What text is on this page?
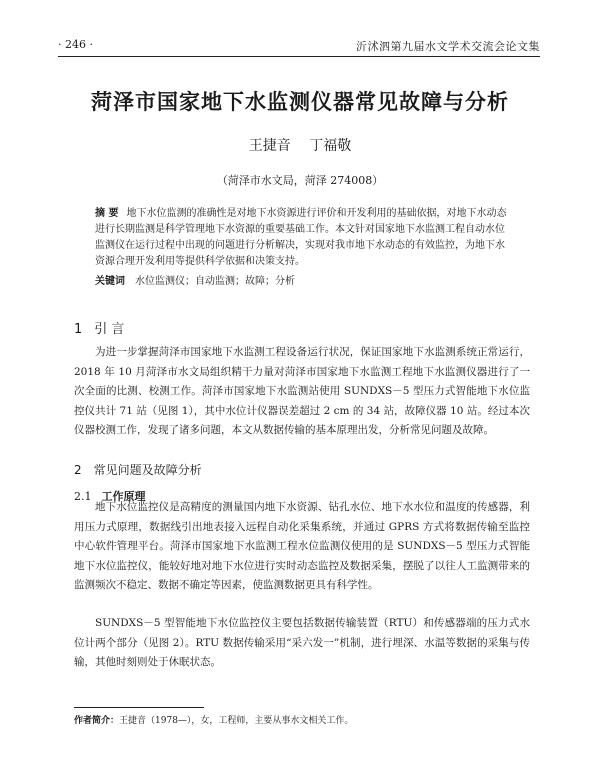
· 246 ·	沂沭泗第九届水文学术交流会论文集
菏泽市国家地下水监测仪器常见故障与分析
王捷音 丁福敬
（菏泽市水文局，菏泽 274008）
摘 要 地下水位监测的准确性是对地下水资源进行评价和开发利用的基础依据，对地下水动态进行长期监测是科学管理地下水资源的重要基础工作。本文针对国家地下水监测工程自动水位监测仪在运行过程中出现的问题进行分析解决，实现对我市地下水动态的有效监控，为地下水资源合理开发利用等提供科学依据和决策支持。
关键词 水位监测仪；自动监测；故障；分析
1 引 言
为进一步掌握菏泽市国家地下水监测工程设备运行状况，保证国家地下水监测系统正常运行，2018 年 10 月菏泽市水文局组织精干力量对菏泽市国家地下水监测工程地下水监测仪器进行了一次全面的比测、校测工作。菏泽市国家地下水监测站使用 SUNDXS－5 型压力式智能地下水位监控仪共计 71 站（见图 1），其中水位计仪器误差超过 2 cm 的 34 站，故障仪器 10 站。经过本次仪器校测工作，发现了诸多问题，本文从数据传输的基本原理出发，分析常见问题及故障。
2 常见问题及故障分析
2.1 工作原理
地下水位监控仪是高精度的测量国内地下水资源、钻孔水位、地下水水位和温度的传感器，利用压力式原理，数据线引出地表接入远程自动化采集系统，并通过 GPRS 方式将数据传输至监控中心软件管理平台。菏泽市国家地下水监测工程水位监测仪使用的是 SUNDXS－5 型压力式智能地下水位监控仪，能较好地对地下水位进行实时动态监控及数据采集，摆脱了以往人工监测带来的监测频次不稳定、数据不确定等因素，使监测数据更具有科学性。
SUNDXS－5 型智能地下水位监控仪主要包括数据传输装置（RTU）和传感器端的压力式水位计两个部分（见图 2）。RTU 数据传输采用“采六发一”机制，进行埋深、水温等数据的采集与传输，其他时刻则处于休眠状态。
作者简介：王捷音（1978—），女，工程师，主要从事水文相关工作。
